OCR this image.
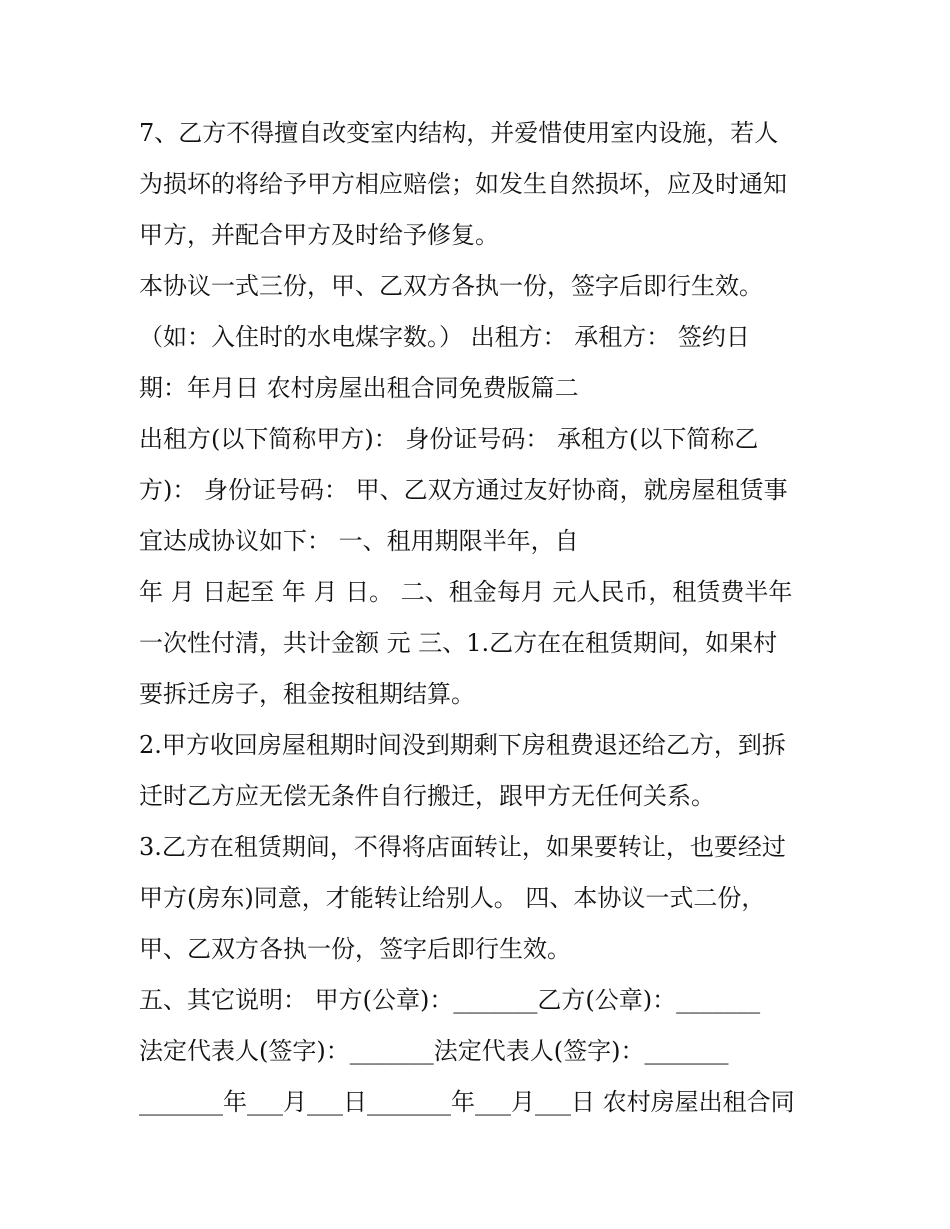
7、乙方不得擅自改变室内结构，并爱惜使用室内设施，若人
为损坏的将给予甲方相应赔偿；如发生自然损坏，应及时通知
甲方，并配合甲方及时给予修复。
本协议一式三份，甲、乙双方各执一份，签字后即行生效。
（如：入住时的水电煤字数。） 出租方： 承租方： 签约日
期：年月日 农村房屋出租合同免费版篇二
出租方(以下简称甲方)： 身份证号码： 承租方(以下简称乙
方)： 身份证号码： 甲、乙双方通过友好协商，就房屋租赁事
宜达成协议如下： 一、租用期限半年，自
年 月 日起至 年 月 日。 二、租金每月 元人民币，租赁费半年
一次性付清，共计金额 元 三、1.乙方在在租赁期间，如果村
要拆迁房子，租金按租期结算。
2.甲方收回房屋租期时间没到期剩下房租费退还给乙方，到拆
迁时乙方应无偿无条件自行搬迁，跟甲方无任何关系。
3.乙方在租赁期间，不得将店面转让，如果要转让，也要经过
甲方(房东)同意，才能转让给别人。 四、本协议一式二份，
甲、乙双方各执一份，签字后即行生效。
五、其它说明： 甲方(公章)：_______乙方(公章)：_______
法定代表人(签字)：_______法定代表人(签字)：_______
_______年___月___日_______年___月___日 农村房屋出租合同
